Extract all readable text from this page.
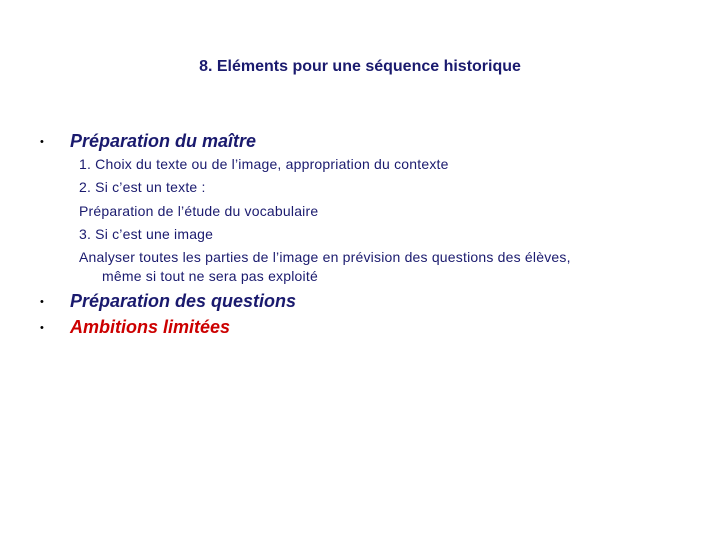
8. Eléments pour une séquence historique
• Préparation du maître
1. Choix du texte ou de l’image, appropriation du contexte
2. Si c’est un texte :
Préparation de l’étude du vocabulaire
3. Si c’est une image
Analyser toutes les parties de l’image en prévision des questions des élèves,
même si tout ne sera pas exploité
• Préparation des questions
• Ambitions limitées
